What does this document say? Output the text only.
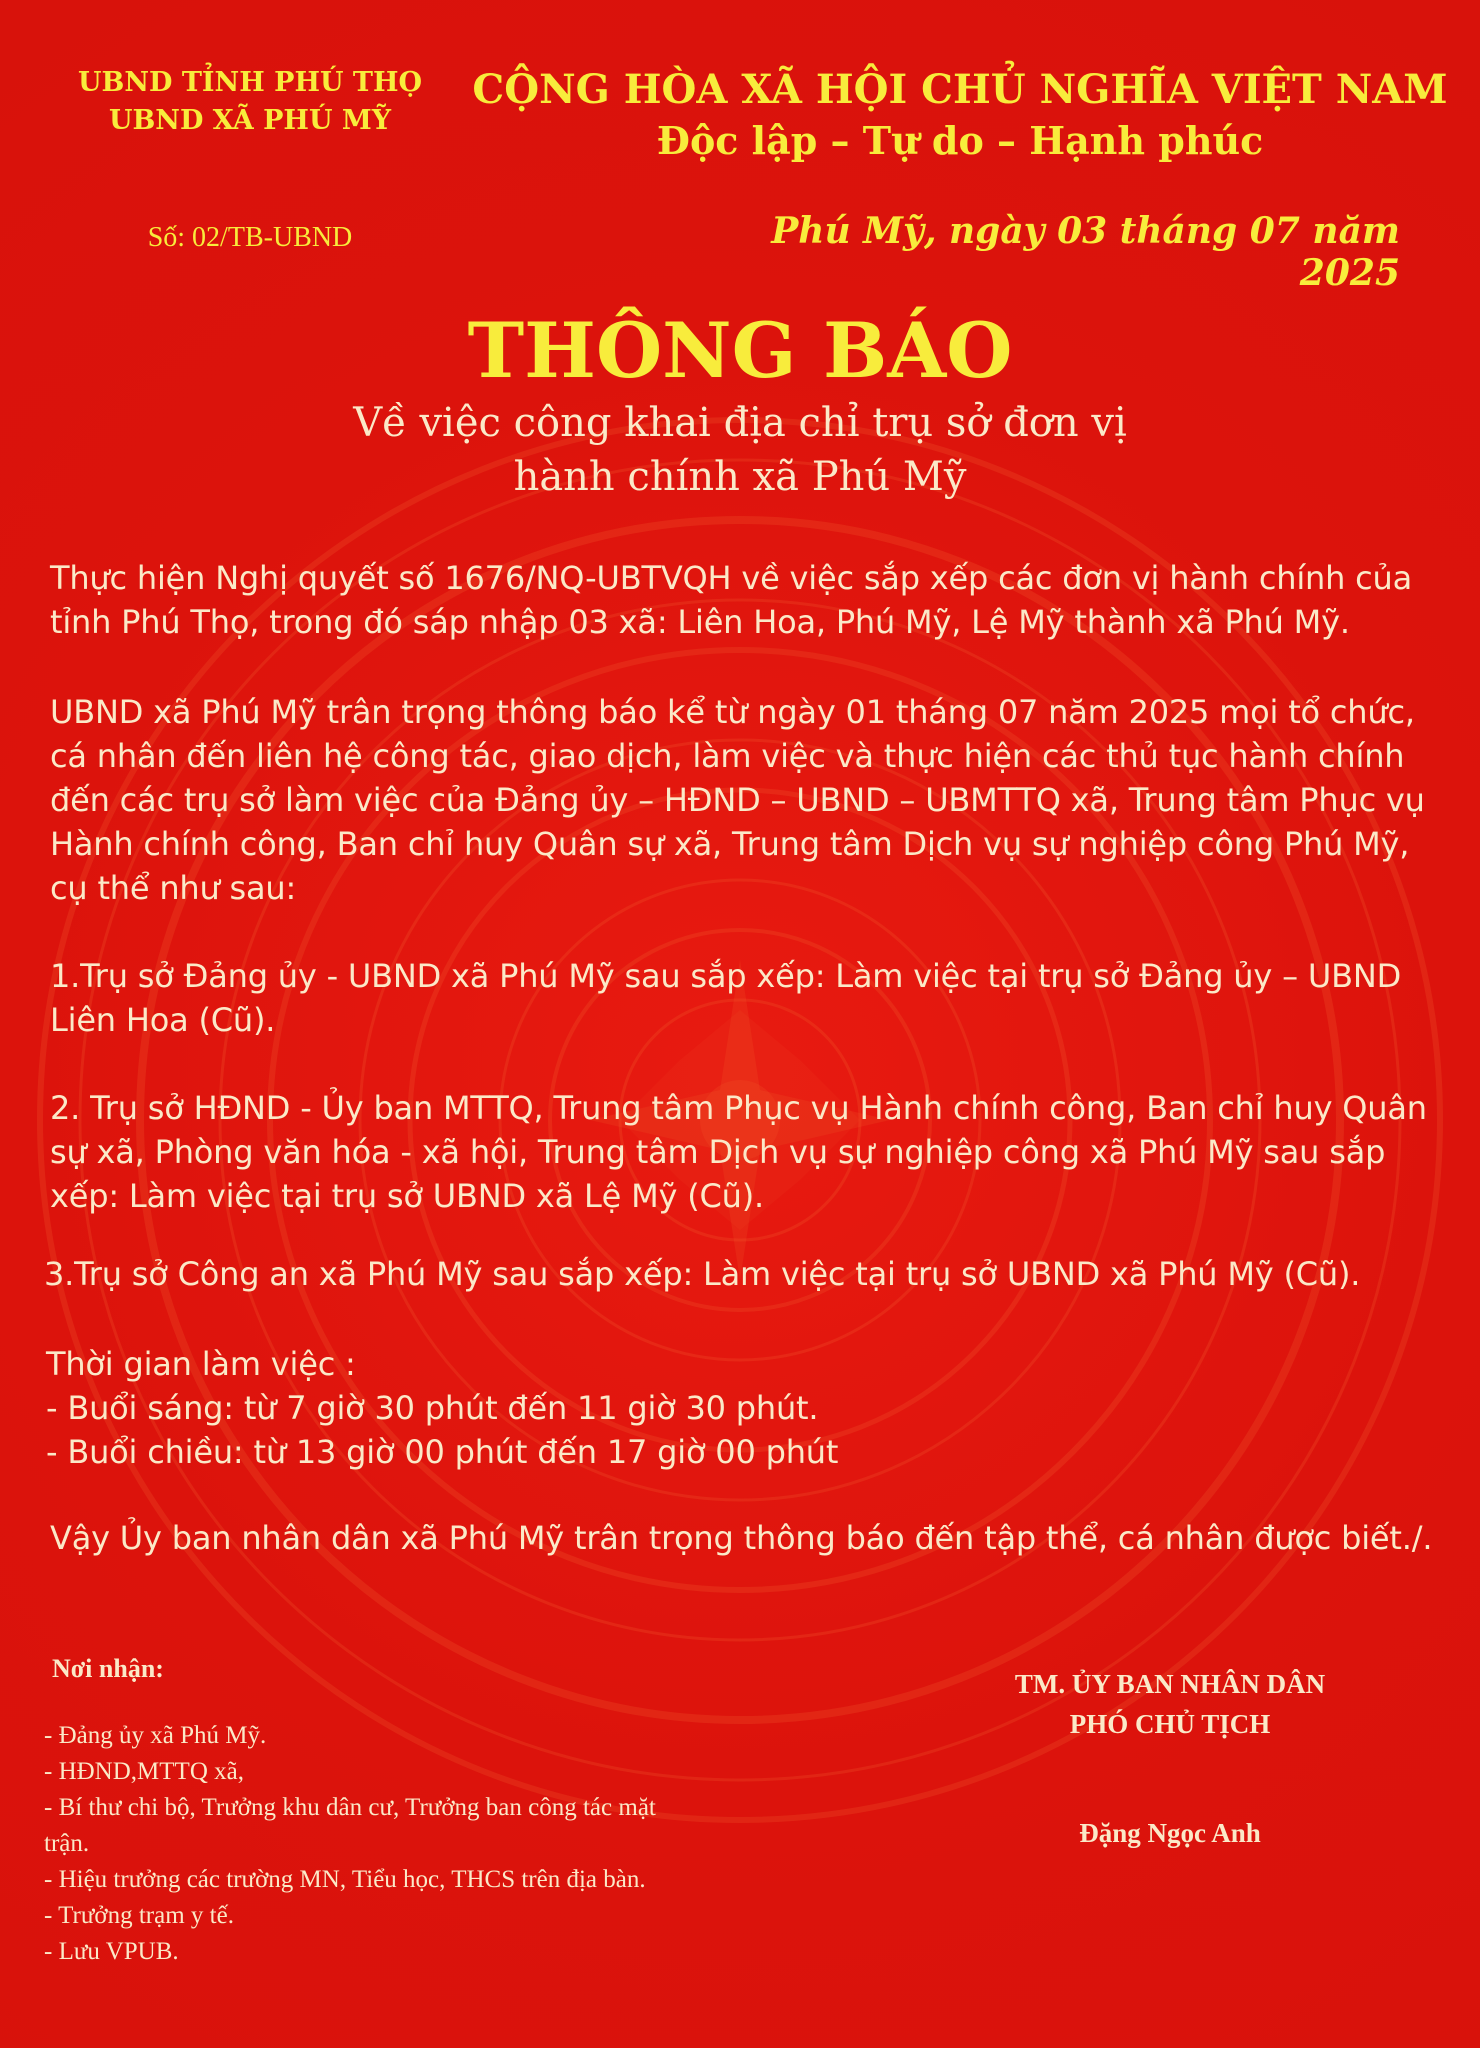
UBND TỈNH PHÚ THỌ
UBND XÃ PHÚ MỸ
Số: 02/TB-UBND
CỘNG HÒA XÃ HỘI CHỦ NGHĨA VIỆT NAM
Độc lập – Tự do – Hạnh phúc
Phú Mỹ, ngày 03 tháng 07 năm 2025
THÔNG BÁO
Về việc công khai địa chỉ trụ sở đơn vị
hành chính xã Phú Mỹ
Thực hiện Nghị quyết số 1676/NQ-UBTVQH về việc sắp xếp các đơn vị hành chính của tỉnh Phú Thọ, trong đó sáp nhập 03 xã: Liên Hoa, Phú Mỹ, Lệ Mỹ thành xã Phú Mỹ.
UBND xã Phú Mỹ trân trọng thông báo kể từ ngày 01 tháng 07 năm 2025 mọi tổ chức, cá nhân đến liên hệ công tác, giao dịch, làm việc và thực hiện các thủ tục hành chính đến các trụ sở làm việc của Đảng ủy – HĐND – UBND – UBMTTQ xã, Trung tâm Phục vụ Hành chính công, Ban chỉ huy Quân sự xã, Trung tâm Dịch vụ sự nghiệp công Phú Mỹ, cụ thể như sau:
1.Trụ sở Đảng ủy - UBND xã Phú Mỹ sau sắp xếp: Làm việc tại trụ sở Đảng ủy – UBND Liên Hoa (Cũ).
2. Trụ sở HĐND - Ủy ban MTTQ, Trung tâm Phục vụ Hành chính công, Ban chỉ huy Quân sự xã, Phòng văn hóa - xã hội, Trung tâm Dịch vụ sự nghiệp công xã Phú Mỹ sau sắp xếp: Làm việc tại trụ sở UBND xã Lệ Mỹ (Cũ).
3.Trụ sở Công an xã Phú Mỹ sau sắp xếp: Làm việc tại trụ sở UBND xã Phú Mỹ (Cũ).
Thời gian làm việc :
- Buổi sáng: từ 7 giờ 30 phút đến 11 giờ 30 phút.
- Buổi chiều: từ 13 giờ 00 phút đến 17 giờ 00 phút
Vậy Ủy ban nhân dân xã Phú Mỹ trân trọng thông báo đến tập thể, cá nhân được biết./.
Nơi nhận:
- Đảng ủy xã Phú Mỹ.
- HĐND,MTTQ xã,
- Bí thư chi bộ, Trưởng khu dân cư, Trưởng ban công tác mặt trận.
- Hiệu trưởng các trường MN, Tiểu học, THCS trên địa bàn.
- Trưởng trạm y tế.
- Lưu VPUB.
TM. ỦY BAN NHÂN DÂN
PHÓ CHỦ TỊCH
Đặng Ngọc Anh
